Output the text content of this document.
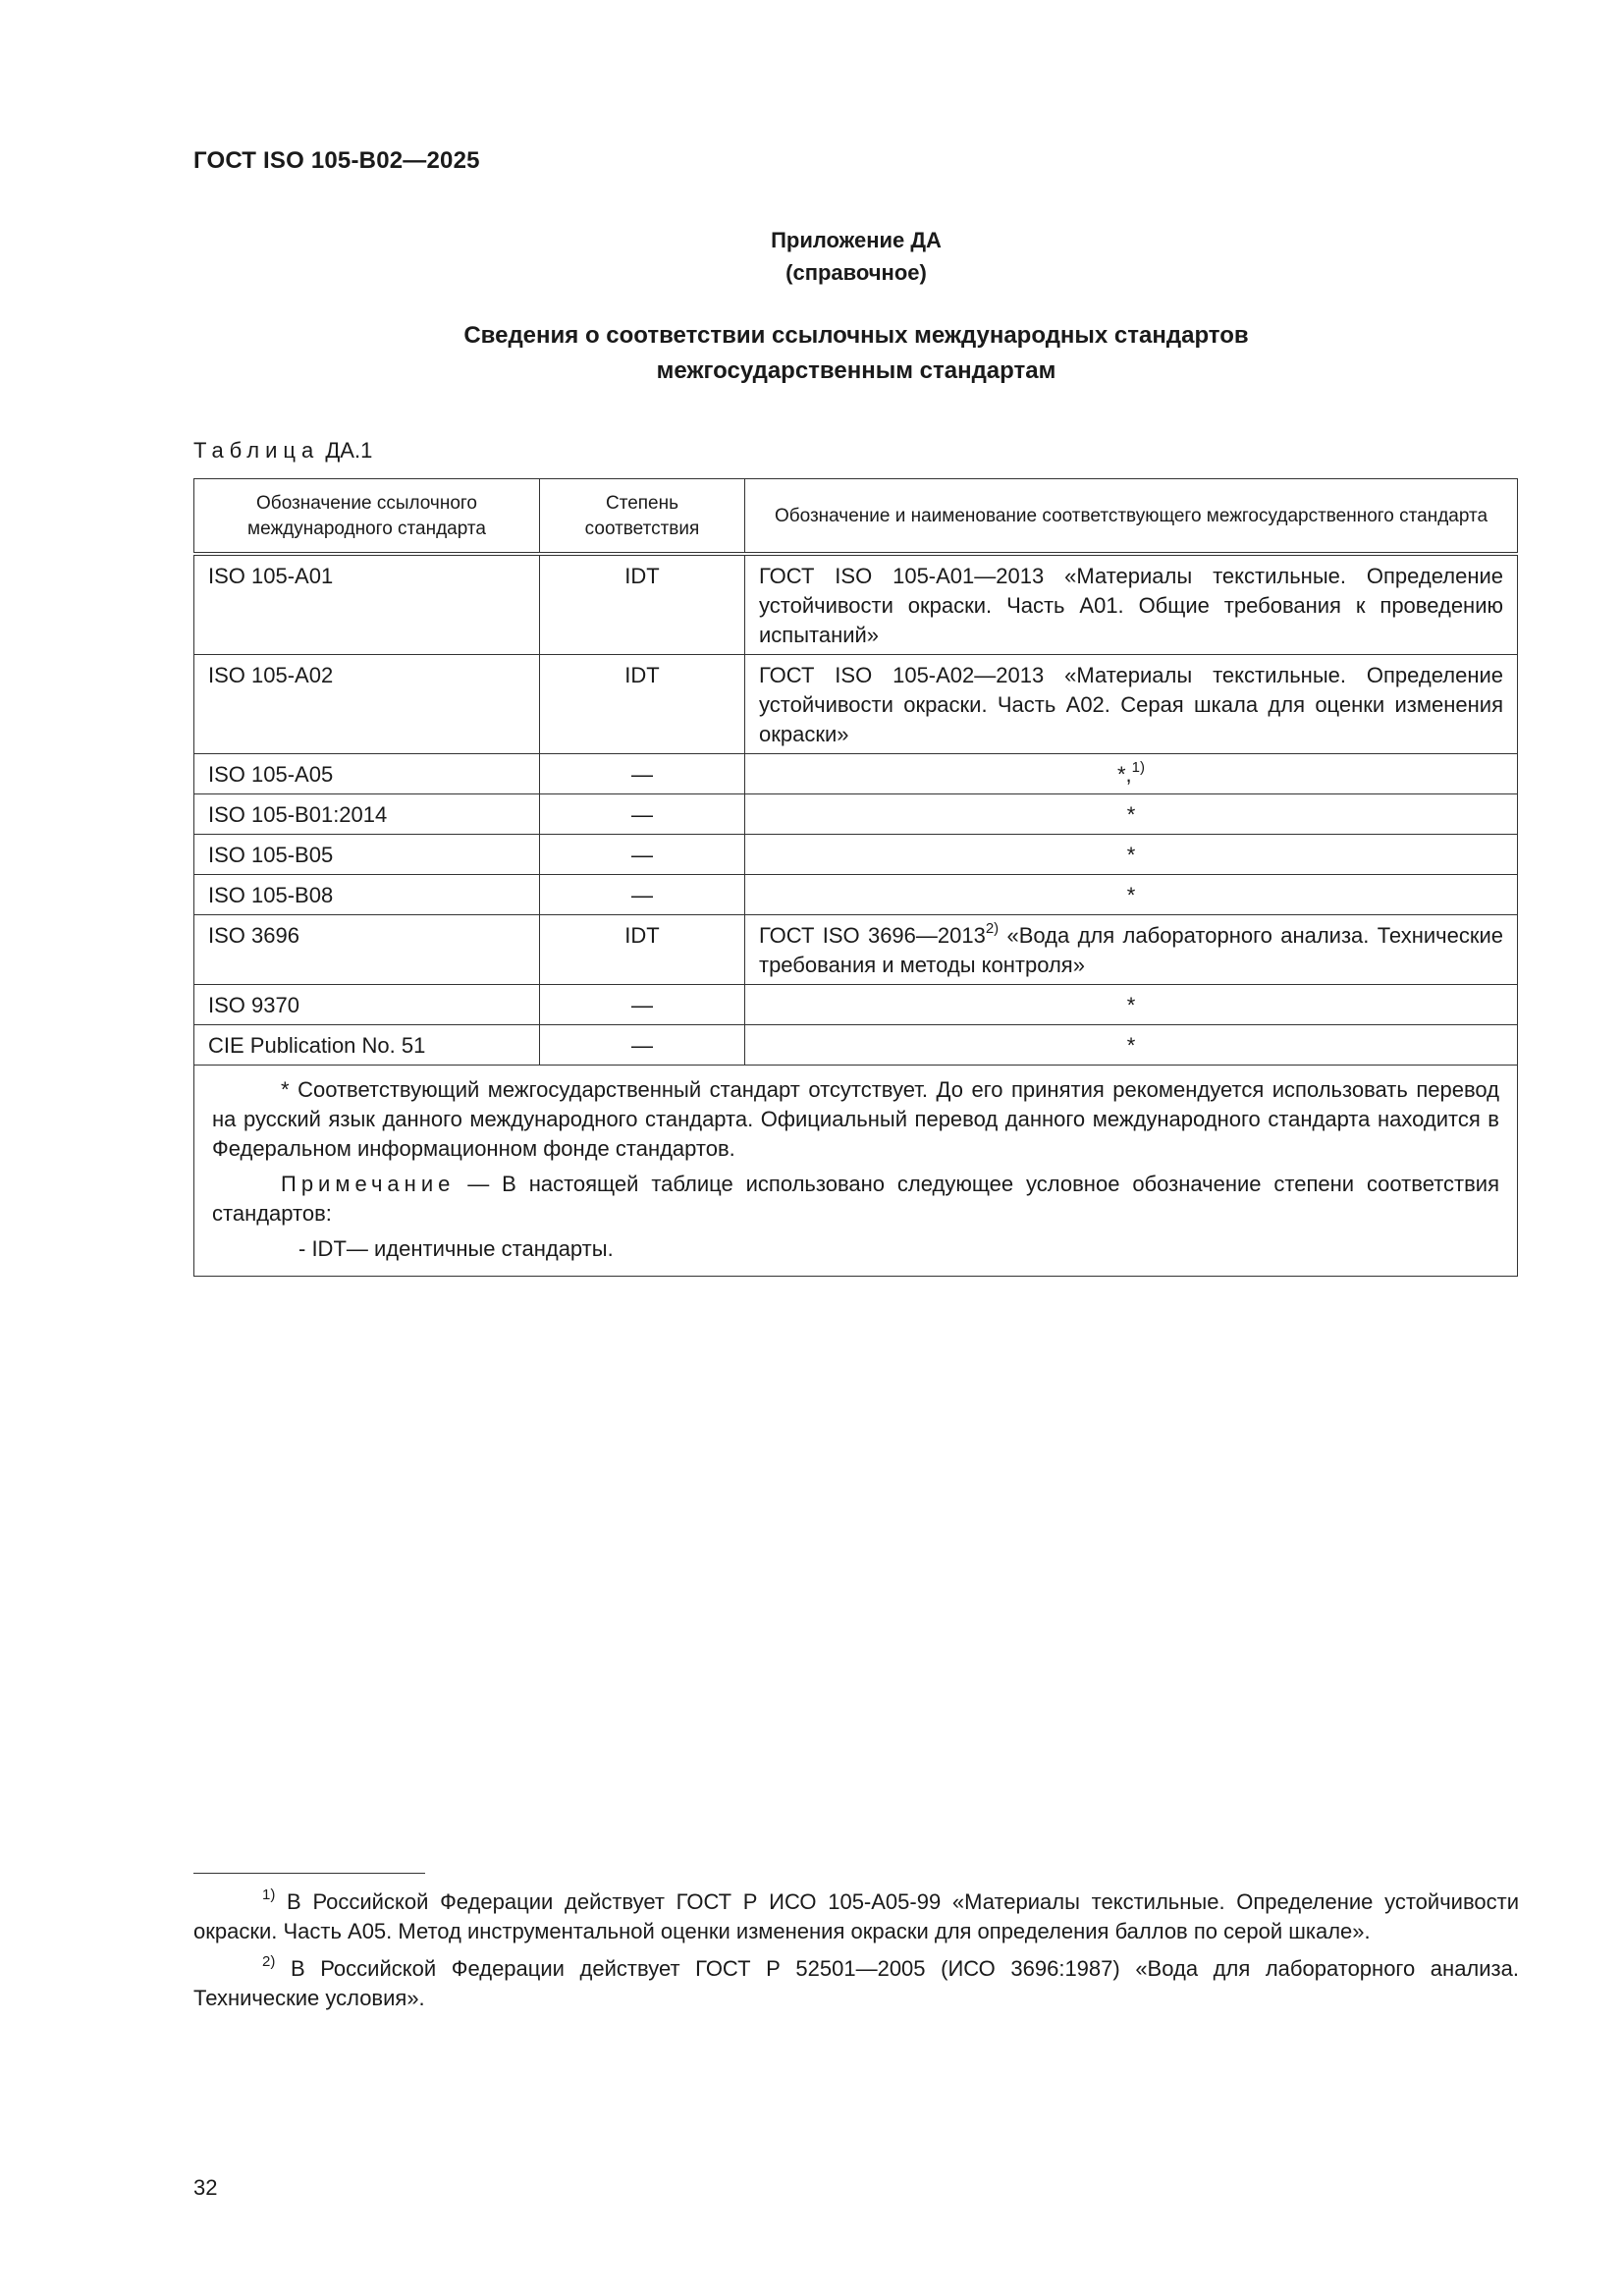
ГОСТ ISO 105-B02—2025
Приложение ДА
(справочное)
Сведения о соответствии ссылочных международных стандартов
межгосударственным стандартам
Таблица ДА.1
Обозначение ссылочного международного стандарта	Степень соответствия	Обозначение и наименование соответствующего межгосударственного стандарта
ISO 105-A01	IDT	ГОСТ ISO 105-A01—2013 «Материалы текстильные. Определение устойчивости окраски. Часть А01. Общие требования к проведению испытаний»
ISO 105-A02	IDT	ГОСТ ISO 105-A02—2013 «Материалы текстильные. Определение устойчивости окраски. Часть А02. Серая шкала для оценки изменения окраски»
ISO 105-A05	—	*,$^{1)}$
ISO 105-B01:2014	—	*
ISO 105-B05	—	*
ISO 105-B08	—	*
ISO 3696	IDT	ГОСТ ISO 3696—2013$^{2)}$ «Вода для лабораторного анализа. Технические требования и методы контроля»
ISO 9370	—	*
CIE Publication No. 51	—	*

* Соответствующий межгосударственный стандарт отсутствует. До его принятия рекомендуется использовать перевод на русский язык данного международного стандарта. Официальный перевод данного международного стандарта находится в Федеральном информационном фонде стандартов.

Примечание — В настоящей таблице использовано следующее условное обозначение степени соответствия стандартов:

- IDT— идентичные стандарты.		

$^{1)}$ В Российской Федерации действует ГОСТ Р ИСО 105-А05-99 «Материалы текстильные. Определение устойчивости окраски. Часть А05. Метод инструментальной оценки изменения окраски для определения баллов по серой шкале».

$^{2)}$ В Российской Федерации действует ГОСТ Р 52501—2005 (ИСО 3696:1987) «Вода для лабораторного анализа. Технические условия».

32
